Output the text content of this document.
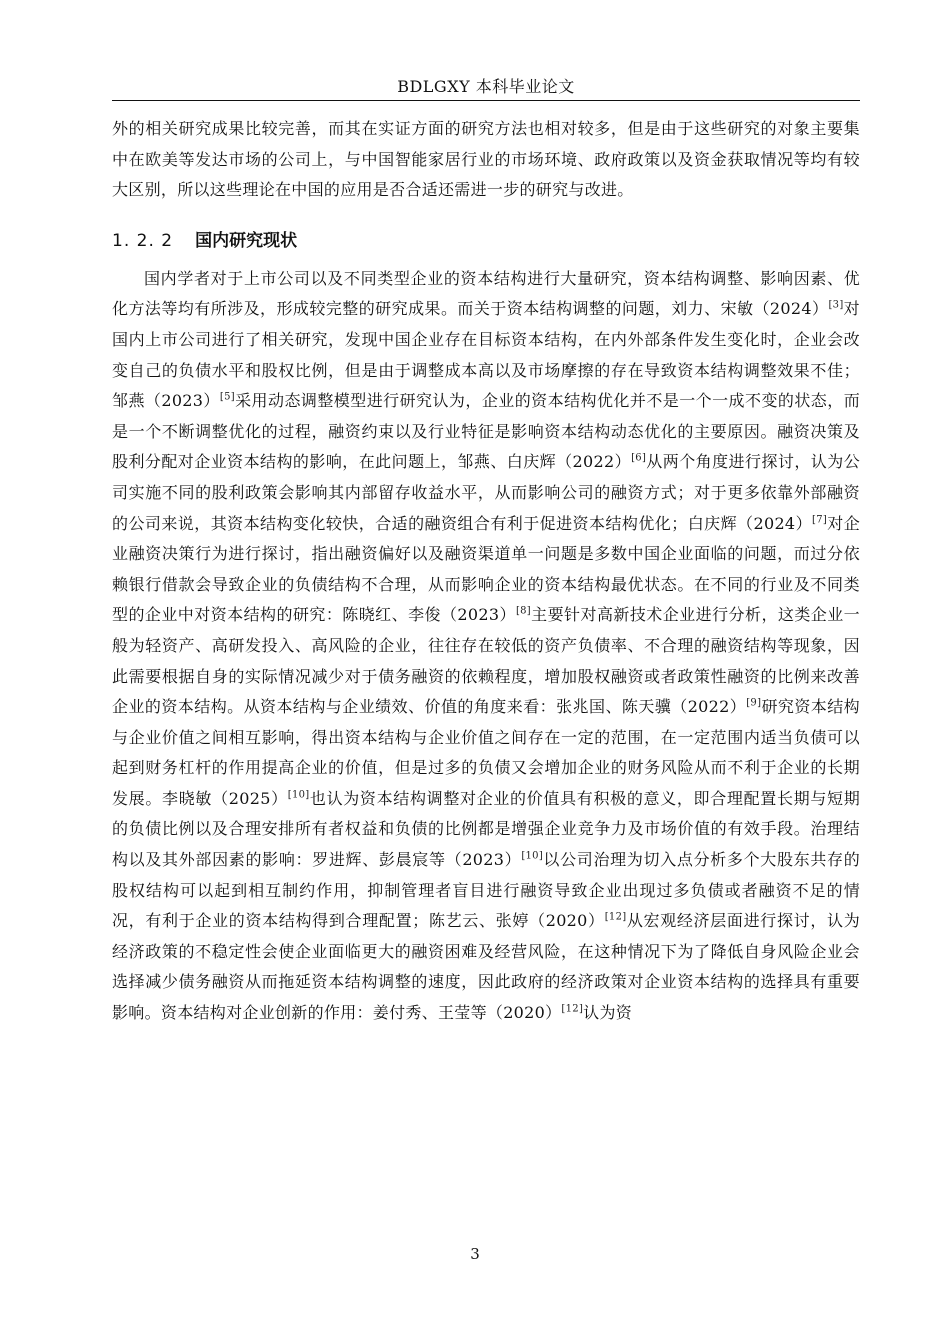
BDLGXY 本科毕业论文

外的相关研究成果比较完善，而其在实证方面的研究方法也相对较多，但是由于这些研究的对象主要集中在欧美等发达市场的公司上，与中国智能家居行业的市场环境、政府政策以及资金获取情况等均有较大区别，所以这些理论在中国的应用是否合适还需进一步的研究与改进。

1. 2. 2 国内研究现状

国内学者对于上市公司以及不同类型企业的资本结构进行大量研究，资本结构调整、影响因素、优化方法等均有所涉及，形成较完整的研究成果。而关于资本结构调整的问题，刘力、宋敏（2024）[3]对国内上市公司进行了相关研究，发现中国企业存在目标资本结构，在内外部条件发生变化时，企业会改变自己的负债水平和股权比例，但是由于调整成本高以及市场摩擦的存在导致资本结构调整效果不佳；邹燕（2023）[5]采用动态调整模型进行研究认为，企业的资本结构优化并不是一个一成不变的状态，而是一个不断调整优化的过程，融资约束以及行业特征是影响资本结构动态优化的主要原因。融资决策及股利分配对企业资本结构的影响，在此问题上，邹燕、白庆辉（2022）[6]从两个角度进行探讨，认为公司实施不同的股利政策会影响其内部留存收益水平，从而影响公司的融资方式；对于更多依靠外部融资的公司来说，其资本结构变化较快，合适的融资组合有利于促进资本结构优化；白庆辉（2024）[7]对企业融资决策行为进行探讨，指出融资偏好以及融资渠道单一问题是多数中国企业面临的问题，而过分依赖银行借款会导致企业的负债结构不合理，从而影响企业的资本结构最优状态。在不同的行业及不同类型的企业中对资本结构的研究：陈晓红、李俊（2023）[8]主要针对高新技术企业进行分析，这类企业一般为轻资产、高研发投入、高风险的企业，往往存在较低的资产负债率、不合理的融资结构等现象，因此需要根据自身的实际情况减少对于债务融资的依赖程度，增加股权融资或者政策性融资的比例来改善企业的资本结构。从资本结构与企业绩效、价值的角度来看：张兆国、陈天骥（2022）[9]研究资本结构与企业价值之间相互影响，得出资本结构与企业价值之间存在一定的范围，在一定范围内适当负债可以起到财务杠杆的作用提高企业的价值，但是过多的负债又会增加企业的财务风险从而不利于企业的长期发展。李晓敏（2025）[10]也认为资本结构调整对企业的价值具有积极的意义，即合理配置长期与短期的负债比例以及合理安排所有者权益和负债的比例都是增强企业竞争力及市场价值的有效手段。治理结构以及其外部因素的影响：罗进辉、彭晨宸等（2023）[10]以公司治理为切入点分析多个大股东共存的股权结构可以起到相互制约作用，抑制管理者盲目进行融资导致企业出现过多负债或者融资不足的情况，有利于企业的资本结构得到合理配置；陈艺云、张婷（2020）[12]从宏观经济层面进行探讨，认为经济政策的不稳定性会使企业面临更大的融资困难及经营风险，在这种情况下为了降低自身风险企业会选择减少债务融资从而拖延资本结构调整的速度，因此政府的经济政策对企业资本结构的选择具有重要影响。资本结构对企业创新的作用：姜付秀、王莹等（2020）[12]认为资

3
